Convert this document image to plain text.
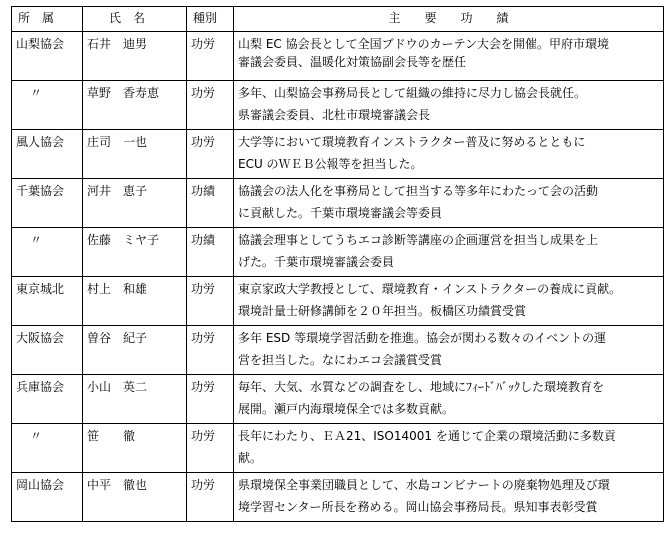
所　属	氏　名	種別	主　　要　　功　　績
山梨協会	石井　迪男	功労	山梨 EC 協会長として全国ブドウのカーテン大会を開催。甲府市環境
審議会委員、温暖化対策協副会長等を歴任

〃	草野　香寿恵	功労	多年、山梨協会事務局長として組織の維持に尽力し協会長就任。
県審議会委員、北杜市環境審議会長

風人協会	庄司　一也	功労	大学等において環境教育インストラクター普及に努めるとともに
ECU のＷＥＢ公報等を担当した。

千葉協会	河井　恵子	功績	協議会の法人化を事務局として担当する等多年にわたって会の活動
に貢献した。千葉市環境審議会等委員

〃	佐藤　ミヤ子	功績	協議会理事としてうちエコ診断等講座の企画運営を担当し成果を上
げた。千葉市環境審議会委員

東京城北	村上　和雄	功労	東京家政大学教授として、環境教育・インストラクターの養成に貢献。
環境計量士研修講師を２０年担当。板橋区功績賞受賞

大阪協会	曽谷　紀子	功労	多年 ESD 等環境学習活動を推進。協会が関わる数々のイベントの運
営を担当した。なにわエコ会議賞受賞

兵庫協会	小山　英二	功労	毎年、大気、水質などの調査をし、地域にﾌｨｰﾄﾞﾊﾞｯｸした環境教育を
展開。瀬戸内海環境保全では多数貢献。

〃	笹　　徹	功労	長年にわたり、ＥＡ21、ISO14001 を通じて企業の環境活動に多数貢
献。

岡山協会	中平　徹也	功労	県環境保全事業団職員として、水島コンビナートの廃棄物処理及び環
境学習センター所長を務める。岡山協会事務局長。県知事表彰受賞
